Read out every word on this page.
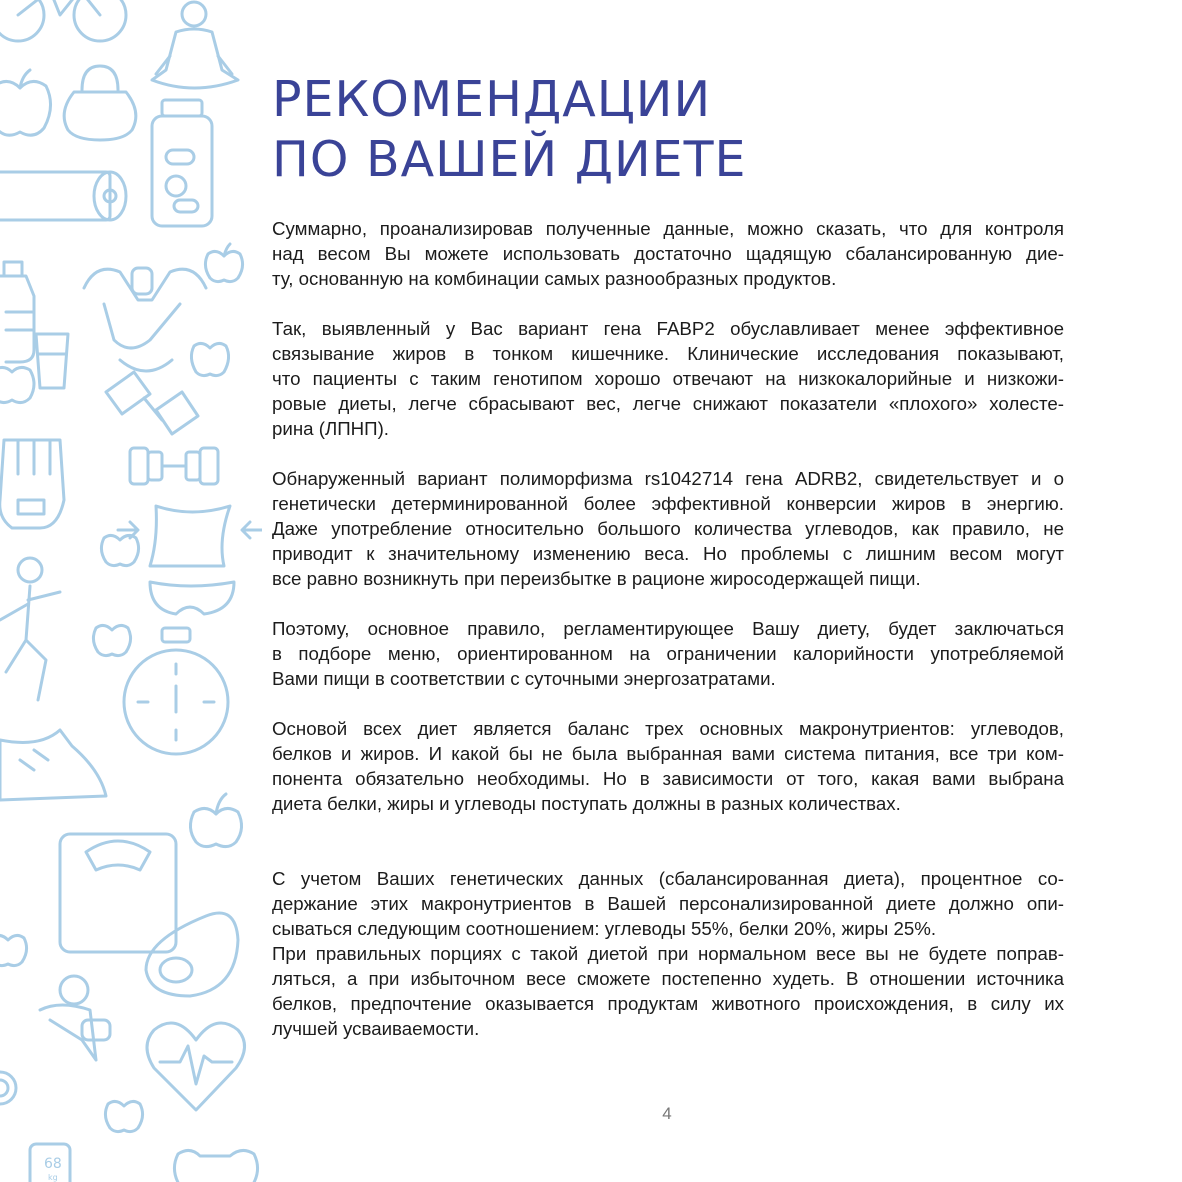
68
kg
РЕКОМЕНДАЦИИ
ПО ВАШЕЙ ДИЕТЕ

Суммарно, проанализировав полученные данные, можно сказать, что для контроля
над весом Вы можете использовать достаточно щадящую сбалансированную дие-
ту, основанную на комбинации самых разнообразных продуктов.

Так, выявленный у Вас вариант гена FABP2 обуславливает менее эффективное
связывание жиров в тонком кишечнике. Клинические исследования показывают,
что пациенты с таким генотипом хорошо отвечают на низкокалорийные и низкожи-
ровые диеты, легче сбрасывают вес, легче снижают показатели «плохого» холесте-
рина (ЛПНП).

Обнаруженный вариант полиморфизма rs1042714 гена ADRB2, свидетельствует и о
генетически детерминированной более эффективной конверсии жиров в энергию.
Даже употребление относительно большого количества углеводов, как правило, не
приводит к значительному изменению веса. Но проблемы с лишним весом могут
все равно возникнуть при переизбытке в рационе жиросодержащей пищи.

Поэтому, основное правило, регламентирующее Вашу диету, будет заключаться
в подборе меню, ориентированном на ограничении калорийности употребляемой
Вами пищи в соответствии с суточными энергозатратами.

Основой всех диет является баланс трех основных макронутриентов: углеводов,
белков и жиров. И какой бы не была выбранная вами система питания, все три ком-
понента обязательно необходимы. Но в зависимости от того, какая вами выбрана
диета белки, жиры и углеводы поступать должны в разных количествах.

С учетом Ваших генетических данных (сбалансированная диета), процентное со-
держание этих макронутриентов в Вашей персонализированной диете должно опи-
сываться следующим соотношением: углеводы 55%, белки 20%, жиры 25%.
При правильных порциях с такой диетой при нормальном весе вы не будете поправ-
ляться, а при избыточном весе сможете постепенно худеть. В отношении источника
белков, предпочтение оказывается продуктам животного происхождения, в силу их
лучшей усваиваемости.

4
